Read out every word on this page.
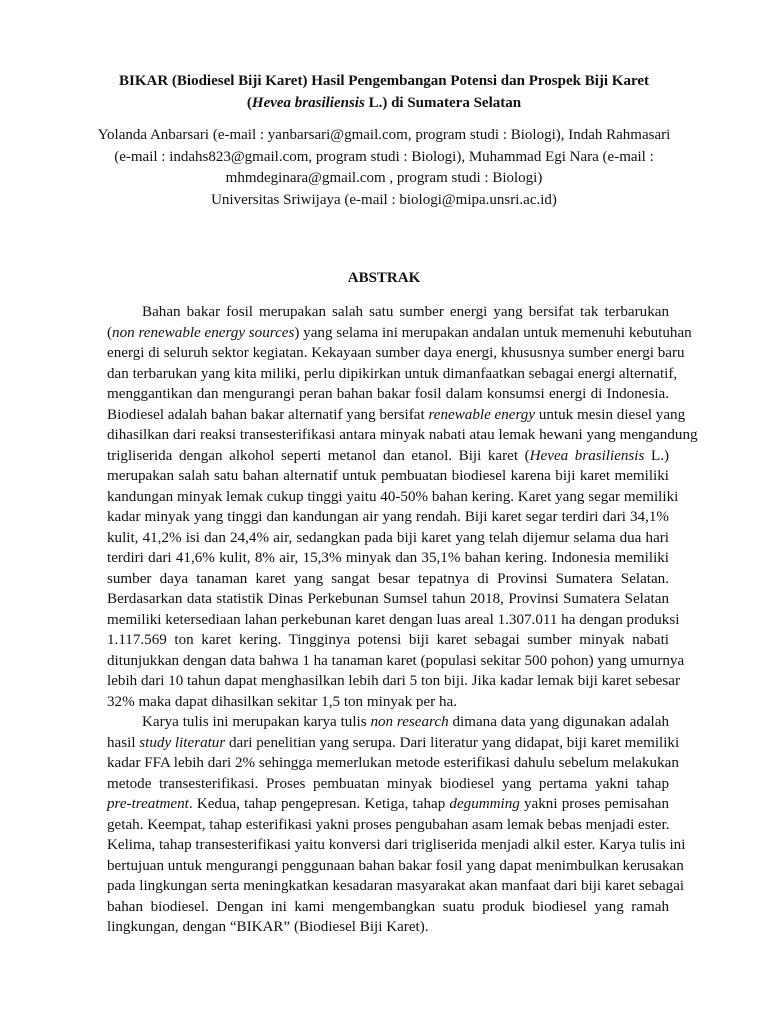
BIKAR (Biodiesel Biji Karet) Hasil Pengembangan Potensi dan Prospek Biji Karet
(Hevea brasiliensis L.) di Sumatera Selatan
Yolanda Anbarsari (e-mail : yanbarsari@gmail.com, program studi : Biologi), Indah Rahmasari
(e-mail : indahs823@gmail.com, program studi : Biologi), Muhammad Egi Nara (e-mail :
mhmdeginara@gmail.com , program studi : Biologi)
Universitas Sriwijaya (e-mail : biologi@mipa.unsri.ac.id)
ABSTRAK
Bahan bakar fosil merupakan salah satu sumber energi yang bersifat tak terbarukan
(non renewable energy sources) yang selama ini merupakan andalan untuk memenuhi kebutuhan
energi di seluruh sektor kegiatan. Kekayaan sumber daya energi, khususnya sumber energi baru
dan terbarukan yang kita miliki, perlu dipikirkan untuk dimanfaatkan sebagai energi alternatif,
menggantikan dan mengurangi peran bahan bakar fosil dalam konsumsi energi di Indonesia.
Biodiesel adalah bahan bakar alternatif yang bersifat renewable energy untuk mesin diesel yang
dihasilkan dari reaksi transesterifikasi antara minyak nabati atau lemak hewani yang mengandung
trigliserida dengan alkohol seperti metanol dan etanol. Biji karet (Hevea brasiliensis L.)
merupakan salah satu bahan alternatif untuk pembuatan biodiesel karena biji karet memiliki
kandungan minyak lemak cukup tinggi yaitu 40-50% bahan kering. Karet yang segar memiliki
kadar minyak yang tinggi dan kandungan air yang rendah. Biji karet segar terdiri dari 34,1%
kulit, 41,2% isi dan 24,4% air, sedangkan pada biji karet yang telah dijemur selama dua hari
terdiri dari 41,6% kulit, 8% air, 15,3% minyak dan 35,1% bahan kering. Indonesia memiliki
sumber daya tanaman karet yang sangat besar tepatnya di Provinsi Sumatera Selatan.
Berdasarkan data statistik Dinas Perkebunan Sumsel tahun 2018, Provinsi Sumatera Selatan
memiliki ketersediaan lahan perkebunan karet dengan luas areal 1.307.011 ha dengan produksi
1.117.569 ton karet kering. Tingginya potensi biji karet sebagai sumber minyak nabati
ditunjukkan dengan data bahwa 1 ha tanaman karet (populasi sekitar 500 pohon) yang umurnya
lebih dari 10 tahun dapat menghasilkan lebih dari 5 ton biji. Jika kadar lemak biji karet sebesar
32% maka dapat dihasilkan sekitar 1,5 ton minyak per ha.
Karya tulis ini merupakan karya tulis non research dimana data yang digunakan adalah
hasil study literatur dari penelitian yang serupa. Dari literatur yang didapat, biji karet memiliki
kadar FFA lebih dari 2% sehingga memerlukan metode esterifikasi dahulu sebelum melakukan
metode transesterifikasi. Proses pembuatan minyak biodiesel yang pertama yakni tahap
pre-treatment. Kedua, tahap pengepresan. Ketiga, tahap degumming yakni proses pemisahan
getah. Keempat, tahap esterifikasi yakni proses pengubahan asam lemak bebas menjadi ester.
Kelima, tahap transesterifikasi yaitu konversi dari trigliserida menjadi alkil ester. Karya tulis ini
bertujuan untuk mengurangi penggunaan bahan bakar fosil yang dapat menimbulkan kerusakan
pada lingkungan serta meningkatkan kesadaran masyarakat akan manfaat dari biji karet sebagai
bahan biodiesel. Dengan ini kami mengembangkan suatu produk biodiesel yang ramah
lingkungan, dengan “BIKAR” (Biodiesel Biji Karet).
